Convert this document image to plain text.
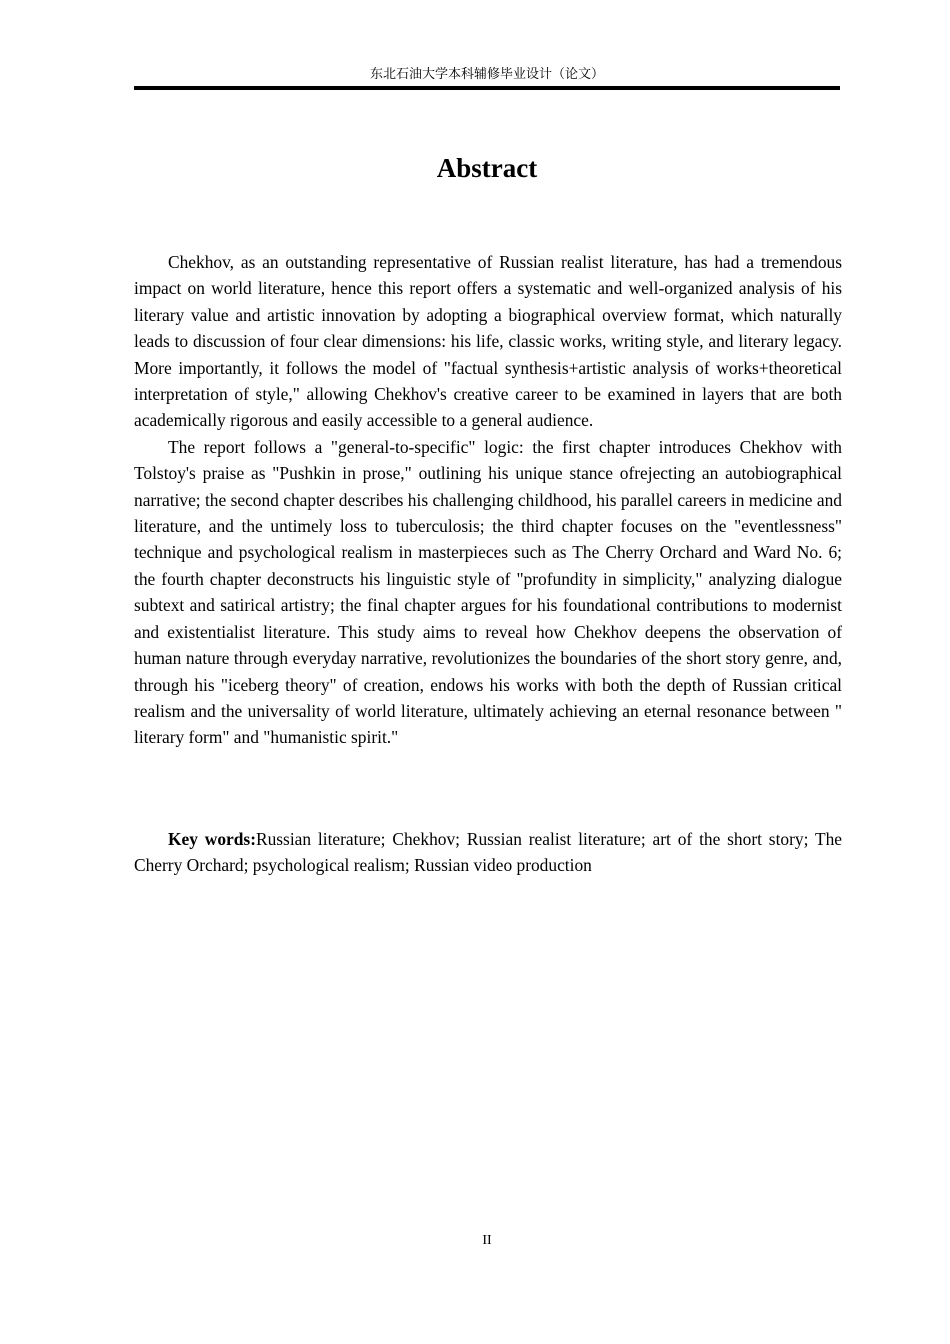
东北石油大学本科辅修毕业设计（论文）
Abstract

Chekhov, as an outstanding representative of Russian realist literature, has had a tremendous impact on world literature, hence this report offers a systematic and well-organized analysis of his literary value and artistic innovation by adopting a biographical overview format, which naturally leads to discussion of four clear dimensions: his life, classic works, writing style, and literary legacy. More importantly, it follows the model of "factual synthesis+artistic analysis of works+theoretical interpretation of style," allowing Chekhov's creative career to be examined in layers that are both academically rigorous and easily accessible to a general audience.

The report follows a "general-to-specific" logic: the first chapter introduces Chekhov with Tolstoy's praise as "Pushkin in prose," outlining his unique stance ofrejecting an autobiographical narrative; the second chapter describes his challenging childhood, his parallel careers in medicine and literature, and the untimely loss to tuberculosis; the third chapter focuses on the "eventlessness" technique and psychological realism in masterpieces such as The Cherry Orchard and Ward No. 6; the fourth chapter deconstructs his linguistic style of "profundity in simplicity," analyzing dialogue subtext and satirical artistry; the final chapter argues for his foundational contributions to modernist and existentialist literature. This study aims to reveal how Chekhov deepens the observation of human nature through everyday narrative, revolutionizes the boundaries of the short story genre, and, through his "iceberg theory" of creation, endows his works with both the depth of Russian critical realism and the universality of world literature, ultimately achieving an eternal resonance between " literary form" and "humanistic spirit."

Key words:Russian literature; Chekhov; Russian realist literature; art of the short story; The Cherry Orchard; psychological realism; Russian video production

II
